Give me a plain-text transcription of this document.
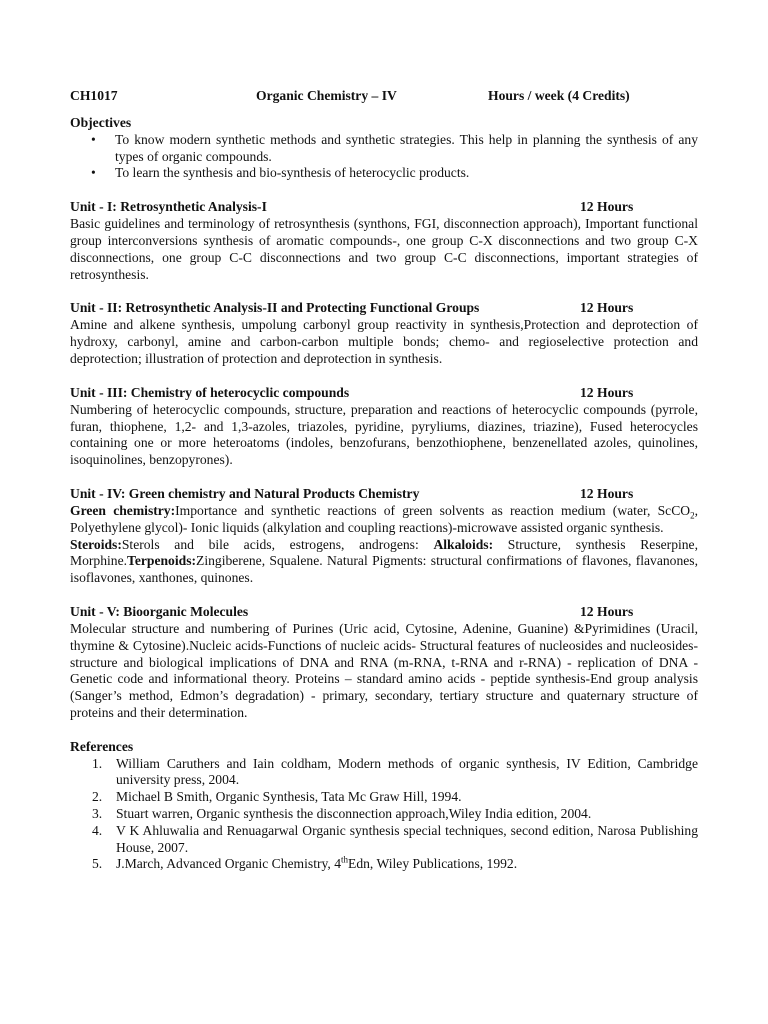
CH1017	Organic Chemistry – IV	Hours / week (4 Credits)
Objectives
• To know modern synthetic methods and synthetic strategies. This help in planning the synthesis of any types of organic compounds.
• To learn the synthesis and bio-synthesis of heterocyclic products.
Unit - I: Retrosynthetic Analysis-I	12 Hours
Basic guidelines and terminology of retrosynthesis (synthons, FGI, disconnection approach), Important functional group interconversions synthesis of aromatic compounds-, one group C-X disconnections and two group C-X disconnections, one group C-C disconnections and two group C-C disconnections, important strategies of retrosynthesis.
Unit - II: Retrosynthetic Analysis-II and Protecting Functional Groups	12 Hours
Amine and alkene synthesis, umpolung carbonyl group reactivity in synthesis,Protection and deprotection of hydroxy, carbonyl, amine and carbon-carbon multiple bonds; chemo- and regioselective protection and deprotection; illustration of protection and deprotection in synthesis.
Unit - III: Chemistry of heterocyclic compounds	12 Hours
Numbering of heterocyclic compounds, structure, preparation and reactions of heterocyclic compounds (pyrrole, furan, thiophene, 1,2- and 1,3-azoles, triazoles, pyridine, pyryliums, diazines, triazine), Fused heterocycles containing one or more heteroatoms (indoles, benzofurans, benzothiophene, benzenellated azoles, quinolines, isoquinolines, benzopyrones).
Unit - IV: Green chemistry and Natural Products Chemistry	12 Hours
Green chemistry:Importance and synthetic reactions of green solvents as reaction medium (water, ScCO$_2$, Polyethylene glycol)- Ionic liquids (alkylation and coupling reactions)-microwave assisted organic synthesis.
Steroids:Sterols and bile acids, estrogens, androgens: Alkaloids: Structure, synthesis Reserpine, Morphine.Terpenoids:Zingiberene, Squalene. Natural Pigments: structural confirmations of flavones, flavanones, isoflavones, xanthones, quinones.
Unit - V: Bioorganic Molecules	12 Hours
Molecular structure and numbering of Purines (Uric acid, Cytosine, Adenine, Guanine) &Pyrimidines (Uracil, thymine & Cytosine).Nucleic acids-Functions of nucleic acids- Structural features of nucleosides and nucleosides- structure and biological implications of DNA and RNA (m-RNA, t-RNA and r-RNA) - replication of DNA - Genetic code and informational theory. Proteins – standard amino acids - peptide synthesis-End group analysis (Sanger’s method, Edmon’s degradation) - primary, secondary, tertiary structure and quaternary structure of proteins and their determination.
References
1. William Caruthers and Iain coldham, Modern methods of organic synthesis, IV Edition, Cambridge university press, 2004.
2. Michael B Smith, Organic Synthesis, Tata Mc Graw Hill, 1994.
3. Stuart warren, Organic synthesis the disconnection approach,Wiley India edition, 2004.
4. V K Ahluwalia and Renuagarwal Organic synthesis special techniques, second edition, Narosa Publishing House, 2007.
5. J.March, Advanced Organic Chemistry, 4thEdn, Wiley Publications, 1992.
